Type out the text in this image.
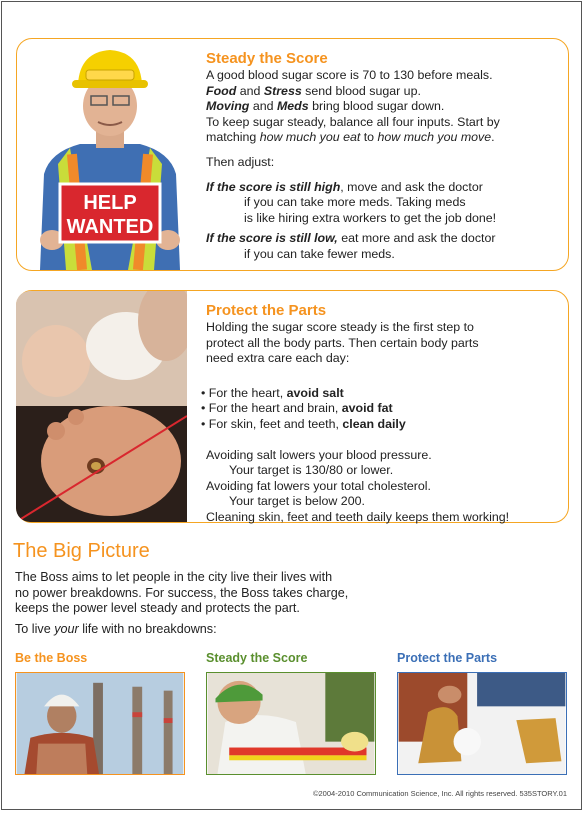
HELP
WANTED
Steady the Score
A good blood sugar score is 70 to 130 before meals.
Food and Stress send blood sugar up.
Moving and Meds bring blood sugar down.
To keep sugar steady, balance all four inputs. Start by
matching how much you eat to how much you move.
Then adjust:
If the score is still high, move and ask the doctor
if you can take more meds. Taking meds
is like hiring extra workers to get the job done!
If the score is still low, eat more and ask the doctor
if you can take fewer meds.
Protect the Parts
Holding the sugar score steady is the first step to
protect all the body parts. Then certain body parts
need extra care each day:
• For the heart, avoid salt
• For the heart and brain, avoid fat
• For skin, feet and teeth, clean daily
Avoiding salt lowers your blood pressure.
Your target is 130/80 or lower.
Avoiding fat lowers your total cholesterol.
Your target is below 200.
Cleaning skin, feet and teeth daily keeps them working!
The Big Picture
The Boss aims to let people in the city live their lives with
no power breakdowns. For success, the Boss takes charge,
keeps the power level steady and protects the part.
To live your life with no breakdowns:
Be the Boss	Steady the Score	Protect the Parts
©2004-2010 Communication Science, Inc. All rights reserved. 535STORY.01
